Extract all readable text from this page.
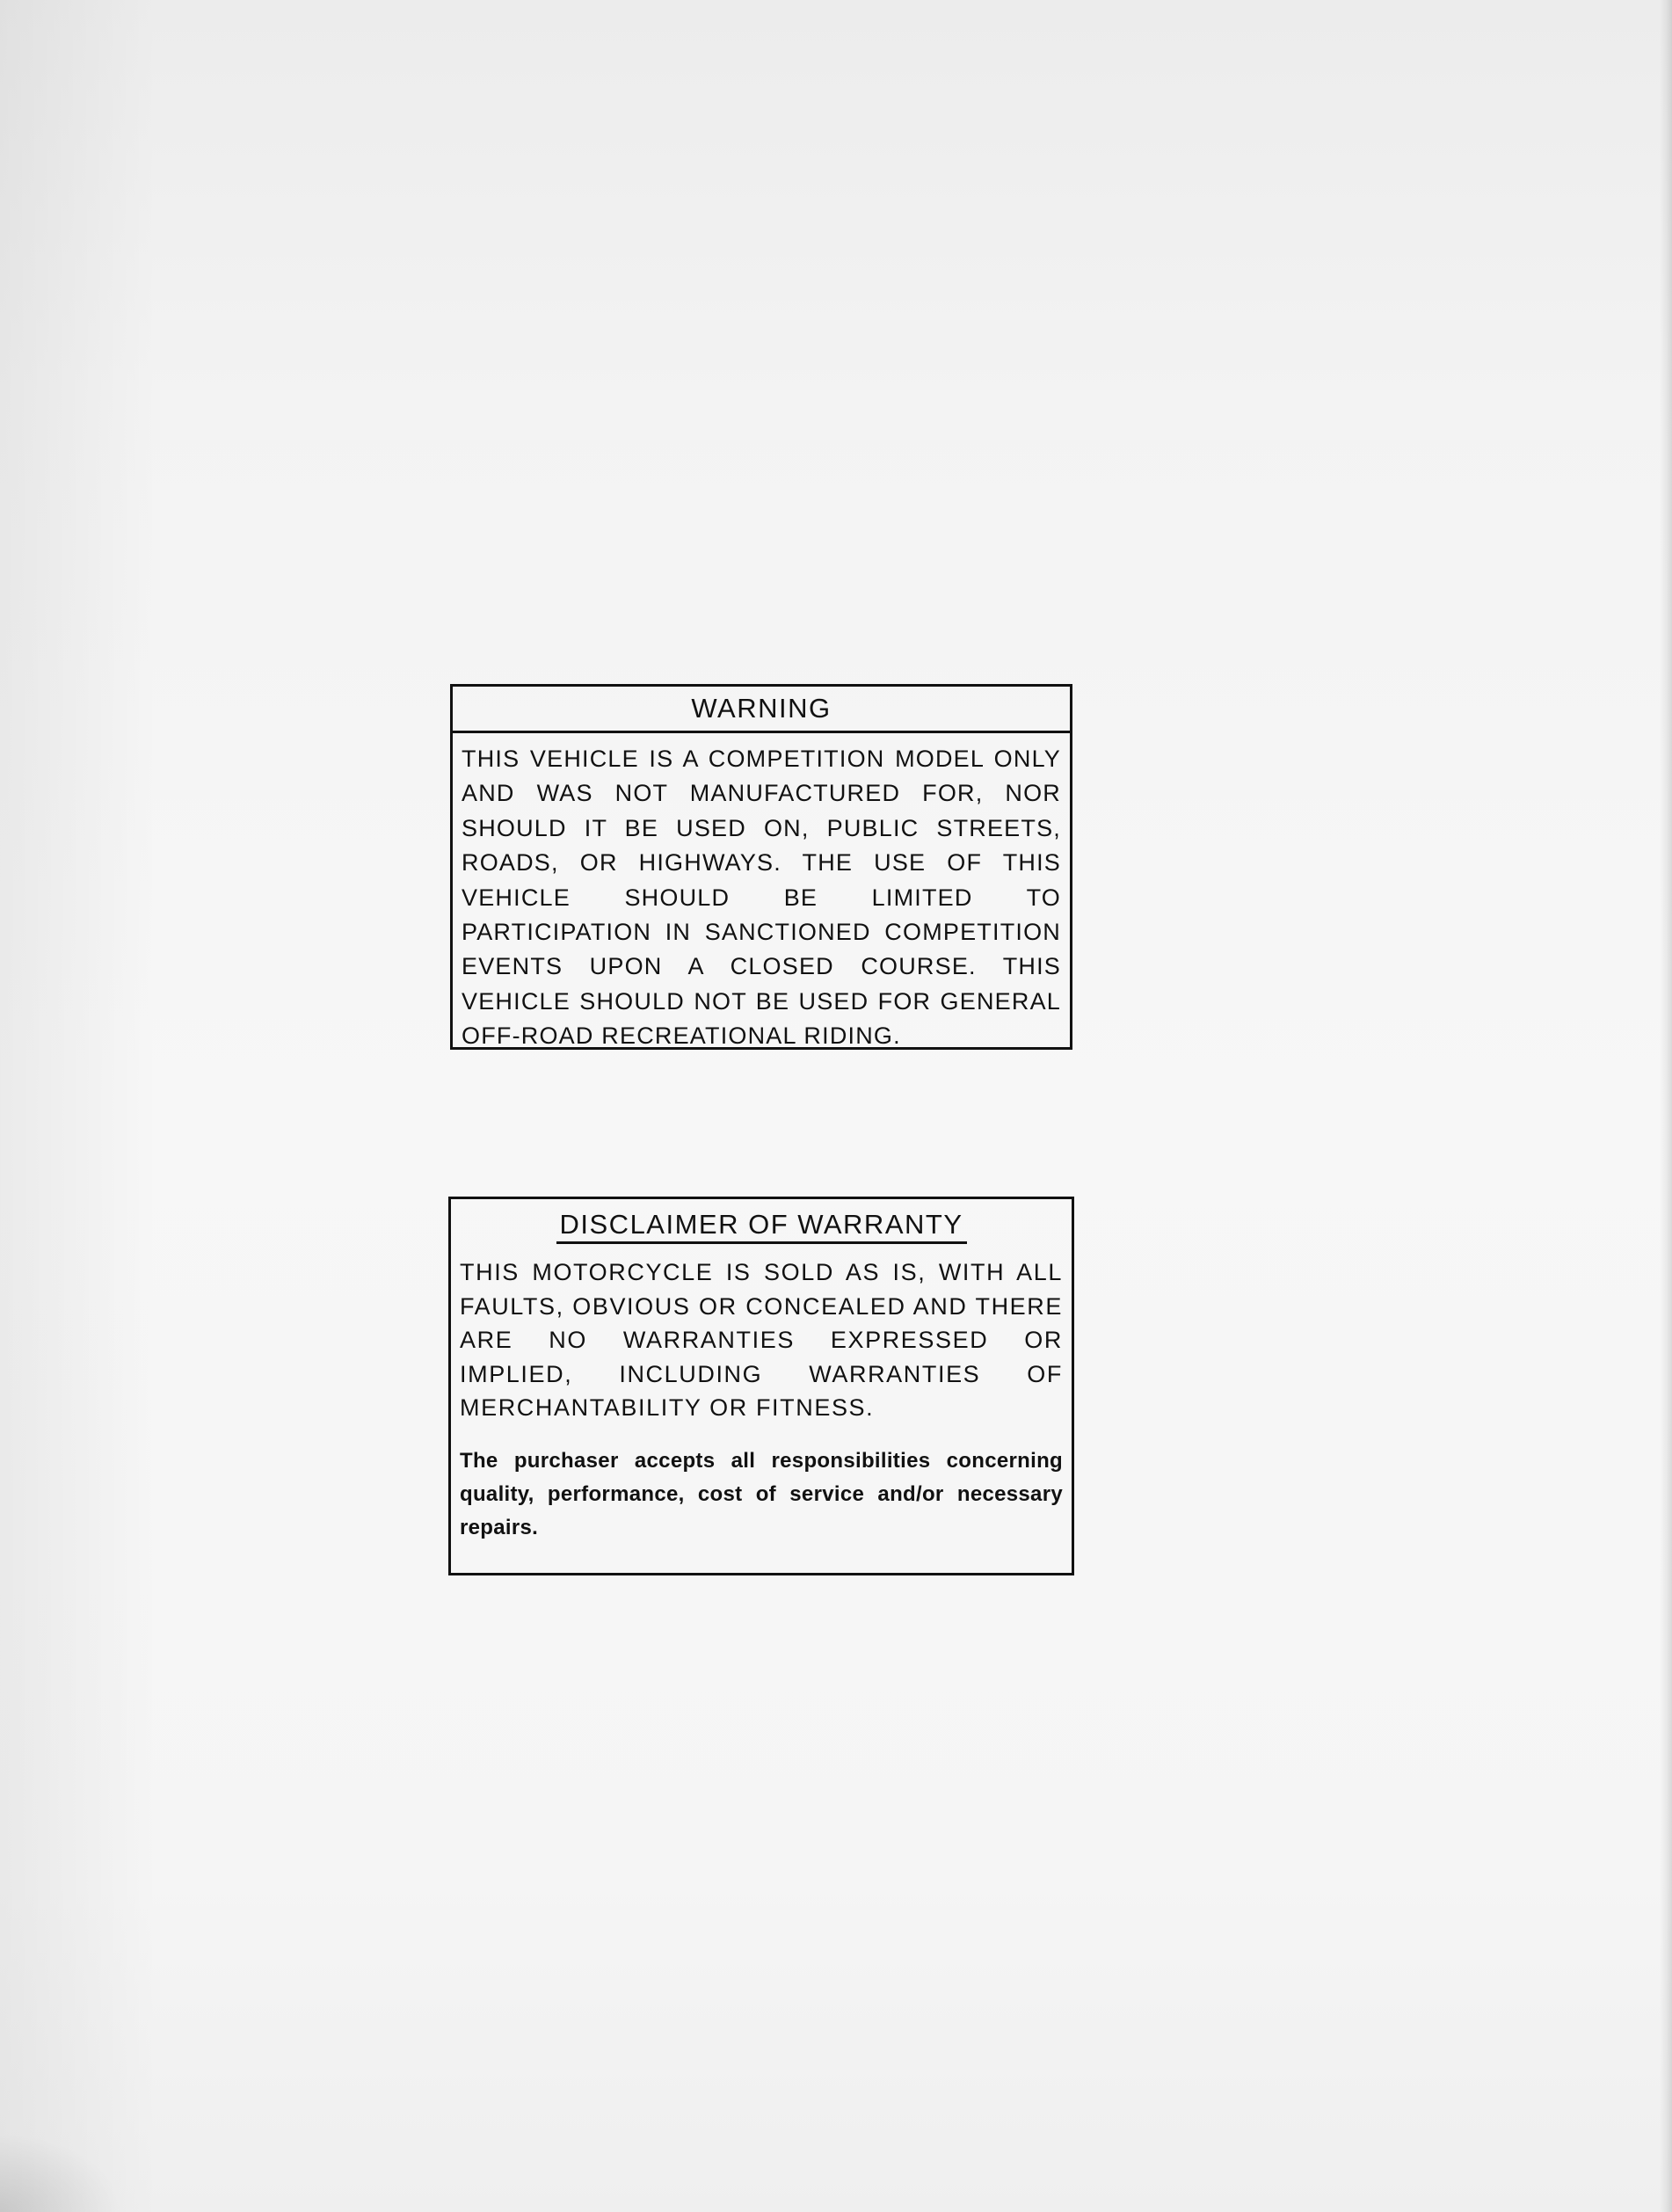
WARNING
THIS VEHICLE IS A COMPETITION MODEL ONLY AND WAS NOT MANUFACTURED FOR, NOR SHOULD IT BE USED ON, PUBLIC STREETS, ROADS, OR HIGHWAYS. THE USE OF THIS VEHICLE SHOULD BE LIMITED TO PARTICIPATION IN SANCTIONED COMPETITION EVENTS UPON A CLOSED COURSE. THIS VEHICLE SHOULD NOT BE USED FOR GENERAL OFF-ROAD RECREATIONAL RIDING.
DISCLAIMER OF WARRANTY
THIS MOTORCYCLE IS SOLD AS IS, WITH ALL FAULTS, OBVIOUS OR CONCEALED AND THERE ARE NO WARRANTIES EXPRESSED OR IMPLIED, INCLUDING WARRANTIES OF MERCHANTABILITY OR FITNESS.
The purchaser accepts all responsibilities concerning quality, performance, cost of service and/or necessary repairs.
